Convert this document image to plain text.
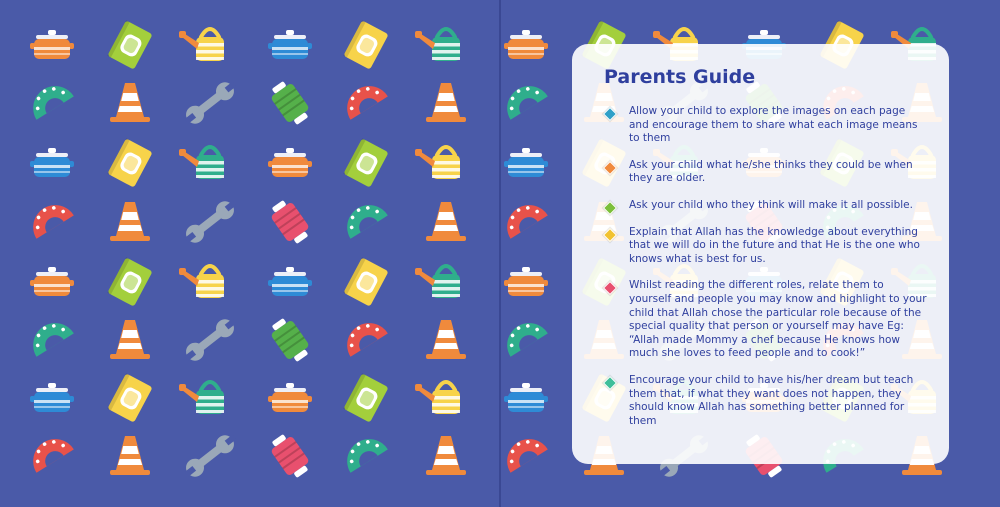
Parents Guide
Allow your child to explore the images on each page and encourage them to share what each image means to them
Ask your child what he/she thinks they could be when they are older.
Ask your child who they think will make it all possible.
Explain that Allah has the knowledge about everything that we will do in the future and that He is the one who knows what is best for us.
Whilst reading the different roles, relate them to yourself and people you may know and highlight to your child that Allah chose the particular role because of the special quality that person or yourself may have Eg: “Allah made Mommy a chef because He knows how much she loves to feed people and to cook!”
Encourage your child to have his/her dream but teach them that, if what they want does not happen, they should know Allah has something better planned for them
